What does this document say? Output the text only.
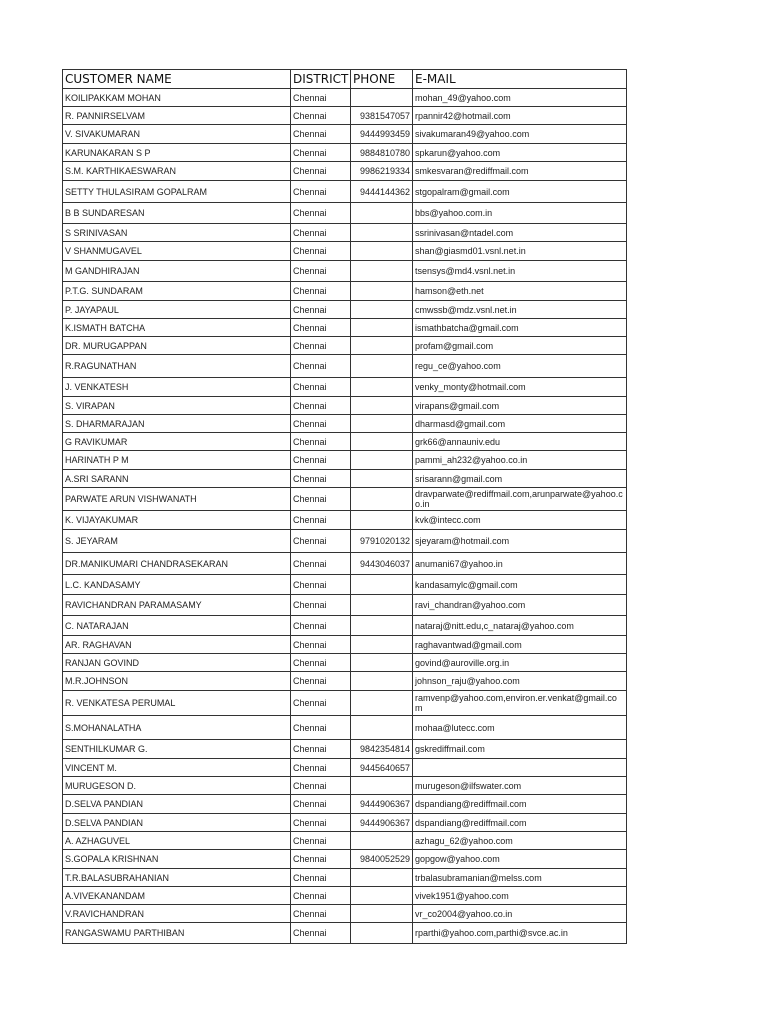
CUSTOMER NAME	DISTRICT	PHONE	E-MAIL
KOILIPAKKAM MOHAN	Chennai		mohan_49@yahoo.com
R. PANNIRSELVAM	Chennai	9381547057	rpannir42@hotmail.com
V. SIVAKUMARAN	Chennai	9444993459	sivakumaran49@yahoo.com
KARUNAKARAN S P	Chennai	9884810780	spkarun@yahoo.com
S.M. KARTHIKAESWARAN	Chennai	9986219334	smkesvaran@rediffmail.com
SETTY THULASIRAM GOPALRAM	Chennai	9444144362	stgopalram@gmail.com
B B SUNDARESAN	Chennai		bbs@yahoo.com.in
S SRINIVASAN	Chennai		ssrinivasan@ntadel.com
V SHANMUGAVEL	Chennai		shan@giasmd01.vsnl.net.in
M GANDHIRAJAN	Chennai		tsensys@md4.vsnl.net.in
P.T.G. SUNDARAM	Chennai		hamson@eth.net
P. JAYAPAUL	Chennai		cmwssb@mdz.vsnl.net.in
K.ISMATH BATCHA	Chennai		ismathbatcha@gmail.com
DR. MURUGAPPAN	Chennai		profam@gmail.com
R.RAGUNATHAN	Chennai		regu_ce@yahoo.com
J. VENKATESH	Chennai		venky_monty@hotmail.com
S. VIRAPAN	Chennai		virapans@gmail.com
S. DHARMARAJAN	Chennai		dharmasd@gmail.com
G RAVIKUMAR	Chennai		grk66@annauniv.edu
HARINATH P M	Chennai		pammi_ah232@yahoo.co.in
A.SRI SARANN	Chennai		srisarann@gmail.com
PARWATE ARUN VISHWANATH	Chennai		dravparwate@rediffmail.com,arunparwate@yahoo.co.in
K. VIJAYAKUMAR	Chennai		kvk@intecc.com
S. JEYARAM	Chennai	9791020132	sjeyaram@hotmail.com
DR.MANIKUMARI CHANDRASEKARAN	Chennai	9443046037	anumani67@yahoo.in
L.C. KANDASAMY	Chennai		kandasamylc@gmail.com
RAVICHANDRAN PARAMASAMY	Chennai		ravi_chandran@yahoo.com
C. NATARAJAN	Chennai		nataraj@nitt.edu,c_nataraj@yahoo.com
AR. RAGHAVAN	Chennai		raghavantwad@gmail.com
RANJAN GOVIND	Chennai		govind@auroville.org.in
M.R.JOHNSON	Chennai		johnson_raju@yahoo.com
R. VENKATESA PERUMAL	Chennai		ramvenp@yahoo.com,environ.er.venkat@gmail.com
S.MOHANALATHA	Chennai		mohaa@lutecc.com
SENTHILKUMAR G.	Chennai	9842354814	gskrediffmail.com
VINCENT M.	Chennai	9445640657	
MURUGESON D.	Chennai		murugeson@ilfswater.com
D.SELVA PANDIAN	Chennai	9444906367	dspandiang@rediffmail.com
D.SELVA PANDIAN	Chennai	9444906367	dspandiang@rediffmail.com
A. AZHAGUVEL	Chennai		azhagu_62@yahoo.com
S.GOPALA KRISHNAN	Chennai	9840052529	gopgow@yahoo.com
T.R.BALASUBRAHANIAN	Chennai		trbalasubramanian@melss.com
A.VIVEKANANDAM	Chennai		vivek1951@yahoo.com
V.RAVICHANDRAN	Chennai		vr_co2004@yahoo.co.in
RANGASWAMU PARTHIBAN	Chennai		rparthi@yahoo.com,parthi@svce.ac.in
